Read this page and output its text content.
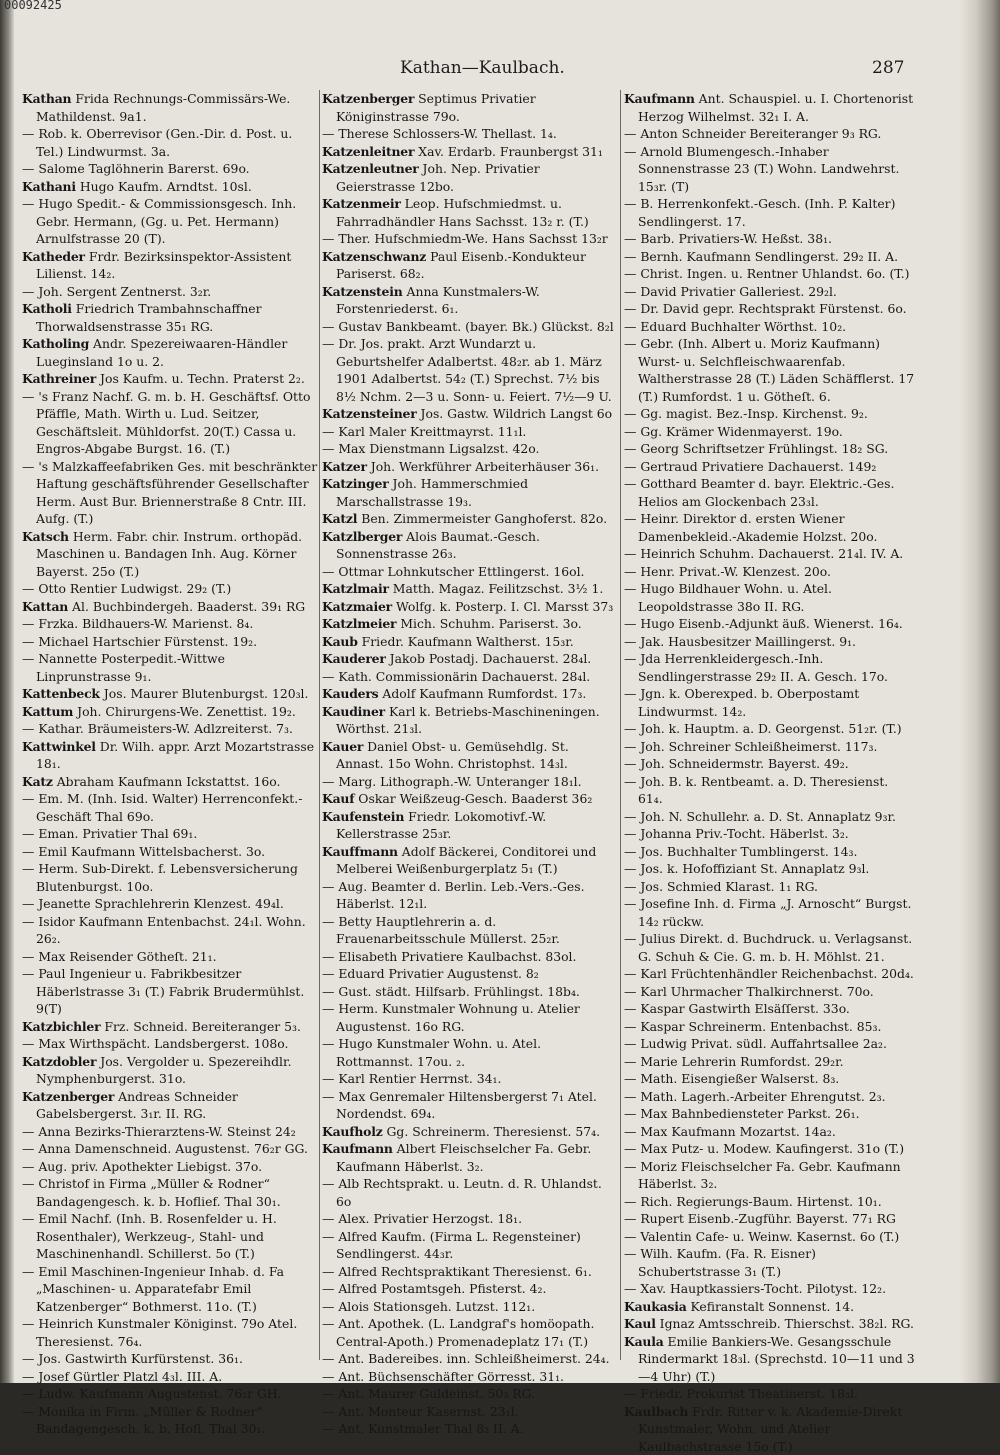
00092425
Kathan—Kaulbach.	287

Kathan Frida Rechnungs-Commissärs-We. Mathildenst. 9a1.

— Rob. k. Oberrevisor (Gen.-Dir. d. Post. u. Tel.) Lindwurmst. 3a.

— Salome Taglöhnerin Barerst. 69o.

Kathani Hugo Kaufm. Arndtst. 10sl.

— Hugo Spedit.- & Commissionsgesch. Inh. Gebr. Hermann, (Gg. u. Pet. Hermann) Arnulfstrasse 20 (T).

Katheder Frdr. Bezirksinspektor-Assistent Lilienst. 14₂.

— Joh. Sergent Zentnerst. 3₂r.

Katholi Friedrich Trambahnschaffner Thorwaldsenstrasse 35₁ RG.

Katholing Andr. Spezereiwaaren-Händler Lueginsland 1o u. 2.

Kathreiner Jos Kaufm. u. Techn. Praterst 2₂.

— 's Franz Nachf. G. m. b. H. Geschäftsf. Otto Pfäffle, Math. Wirth u. Lud. Seitzer, Geschäftsleit. Mühldorfst. 20(T.) Cassa u. Engros-Abgabe Burgst. 16. (T.)

— 's Malzkaffeefabriken Ges. mit beschränkter Haftung geschäftsführender Gesellschafter Herm. Aust Bur. Briennerstraße 8 Cntr. III. Aufg. (T.)

Katsch Herm. Fabr. chir. Instrum. orthopäd. Maschinen u. Bandagen Inh. Aug. Körner Bayerst. 25o (T.)

— Otto Rentier Ludwigst. 29₂ (T.)

Kattan Al. Buchbindergeh. Baaderst. 39₁ RG

— Frzka. Bildhauers-W. Marienst. 8₄.

— Michael Hartschier Fürstenst. 19₂.

— Nannette Posterpedit.-Wittwe Linprunstrasse 9₁.

Kattenbeck Jos. Maurer Blutenburgst. 120₃l.

Kattum Joh. Chirurgens-We. Zenettist. 19₂.

— Kathar. Bräumeisters-W. Adlzreiterst. 7₃.

Kattwinkel Dr. Wilh. appr. Arzt Mozartstrasse 18₁.

Katz Abraham Kaufmann Ickstattst. 16o.

— Em. M. (Inh. Isid. Walter) Herrenconfekt.-Geschäft Thal 69o.

— Eman. Privatier Thal 69₁.

— Emil Kaufmann Wittelsbacherst. 3o.

— Herm. Sub-Direkt. f. Lebensversicherung Blutenburgst. 10o.

— Jeanette Sprachlehrerin Klenzest. 49₄l.

— Isidor Kaufmann Entenbachst. 24₁l. Wohn. 26₂.

— Max Reisender Götheſt. 21₁.

— Paul Ingenieur u. Fabrikbesitzer Häberlstrasse 3₁ (T.) Fabrik Brudermühlst. 9(T)

Katzbichler Frz. Schneid. Bereiteranger 5₃.

— Max Wirthspächt. Landsbergerst. 108o.

Katzdobler Jos. Vergolder u. Spezereihdlr. Nymphenburgerst. 31o.

Katzenberger Andreas Schneider Gabelsbergerst. 3₁r. II. RG.

— Anna Bezirks-Thierarztens-W. Steinst 24₂

— Anna Damenschneid. Augustenst. 76₂r GG.

— Aug. priv. Apothekter Liebigst. 37o.

— Christof in Firma „Müller & Rodner“ Bandagengesch. k. b. Hoflief. Thal 30₁.

— Emil Nachf. (Inh. B. Rosenfelder u. H. Rosenthaler), Werkzeug-, Stahl- und Maschinenhandl. Schillerst. 5o (T.)

— Emil Maschinen-Ingenieur Inhab. d. Fa „Maschinen- u. Apparatefabr Emil Katzenberger“ Bothmerst. 11o. (T.)

— Heinrich Kunstmaler Königinst. 79o Atel. Theresienst. 76₄.

— Jos. Gastwirth Kurfürstenst. 36₁.

— Josef Gürtler Platzl 4₃l. III. A.

— Ludw. Kaufmann Augustenst. 76₂r GH.

— Monika in Firm. „Müller & Rodner“ Bandagengesch. k. b. Hofl. Thal 30₁.

Katzenberger Septimus Privatier Königinstrasse 79o.

— Therese Schlossers-W. Thellast. 1₄.

Katzenleitner Xav. Erdarb. Fraunbergst 31₁

Katzenleutner Joh. Nep. Privatier Geierstrasse 12bo.

Katzenmeir Leop. Hufschmiedmst. u. Fahrradhändler Hans Sachsst. 13₂ r. (T.)

— Ther. Hufschmiedm-We. Hans Sachsst 13₂r

Katzenschwanz Paul Eisenb.-Kondukteur Pariserst. 68₂.

Katzenstein Anna Kunstmalers-W. Forstenriederst. 6₁.

— Gustav Bankbeamt. (bayer. Bk.) Glückst. 8₂l

— Dr. Jos. prakt. Arzt Wundarzt u. Geburtshelfer Adalbertst. 48₂r. ab 1. März 1901 Adalbertst. 54₂ (T.) Sprechst. 7½ bis 8½ Nchm. 2—3 u. Sonn- u. Feiert. 7½—9 U.

Katzensteiner Jos. Gastw. Wildrich Langst 6o

— Karl Maler Kreittmayrst. 11₁l.

— Max Dienstmann Ligsalzst. 42o.

Katzer Joh. Werkführer Arbeiterhäuser 36₁.

Katzinger Joh. Hammerschmied Marschallstrasse 19₃.

Katzl Ben. Zimmermeister Ganghoferst. 82o.

Katzlberger Alois Baumat.-Gesch. Sonnenstrasse 26₃.

— Ottmar Lohnkutscher Ettlingerst. 16ol.

Katzlmair Matth. Magaz. Feilitzschst. 3½ 1.

Katzmaier Wolfg. k. Posterp. I. Cl. Marsst 37₃

Katzlmeier Mich. Schuhm. Pariserst. 3o.

Kaub Friedr. Kaufmann Waltherst. 15₃r.

Kauderer Jakob Postadj. Dachauerst. 28₄l.

— Kath. Commissionärin Dachauerst. 28₄l.

Kauders Adolf Kaufmann Rumfordst. 17₃.

Kaudiner Karl k. Betriebs-Maschineningen. Wörthst. 21₃l.

Kauer Daniel Obst- u. Gemüsehdlg. St. Annast. 15o Wohn. Christophst. 14₃l.

— Marg. Lithograph.-W. Unteranger 18₁l.

Kauf Oskar Weißzeug-Gesch. Baaderst 36₂

Kaufenstein Friedr. Lokomotivf.-W. Kellerstrasse 25₃r.

Kauffmann Adolf Bäckerei, Conditorei und Melberei Weißenburgerplatz 5₁ (T.)

— Aug. Beamter d. Berlin. Leb.-Vers.-Ges. Häberlst. 12₁l.

— Betty Hauptlehrerin a. d. Frauenarbeitsschule Müllerst. 25₂r.

— Elisabeth Privatiere Kaulbachst. 83ol.

— Eduard Privatier Augustenst. 8₂

— Gust. städt. Hilfsarb. Frühlingst. 18b₄.

— Herm. Kunstmaler Wohnung u. Atelier Augustenst. 16o RG.

— Hugo Kunstmaler Wohn. u. Atel. Rottmannst. 17ou. ₂.

— Karl Rentier Herrnst. 34₁.

— Max Genremaler Hiltensbergerst 7₁ Atel. Nordendst. 69₄.

Kaufholz Gg. Schreinerm. Theresienst. 57₄.

Kaufmann Albert Fleischselcher Fa. Gebr. Kaufmann Häberlst. 3₂.

— Alb Rechtsprakt. u. Leutn. d. R. Uhlandst. 6o

— Alex. Privatier Herzogst. 18₁.

— Alfred Kaufm. (Firma L. Regensteiner) Sendlingerst. 44₃r.

— Alfred Rechtspraktikant Theresienst. 6₁.

— Alfred Postamtsgeh. Pfisterst. 4₂.

— Alois Stationsgeh. Lutzst. 112₁.

— Ant. Apothek. (L. Landgraf's homöopath. Central-Apoth.) Promenadeplatz 17₁ (T.)

— Ant. Badereibes. inn. Schleißheimerst. 24₄.

— Ant. Büchsenschäfter Görresst. 31₁.

— Ant. Maurer Guldeinst. 50₃ RG.

— Ant. Monteur Kasernst. 23₁l.

— Ant. Kunstmaler Thal 8₂ II. A.

Kaufmann Ant. Schauspiel. u. I. Chortenorist Herzog Wilhelmst. 32₁ I. A.

— Anton Schneider Bereiteranger 9₃ RG.

— Arnold Blumengesch.-Inhaber Sonnenstrasse 23 (T.) Wohn. Landwehrst. 15₃r. (T)

— B. Herrenkonfekt.-Gesch. (Inh. P. Kalter) Sendlingerst. 17.

— Barb. Privatiers-W. Heßst. 38₁.

— Bernh. Kaufmann Sendlingerst. 29₂ II. A.

— Christ. Ingen. u. Rentner Uhlandst. 6o. (T.)

— David Privatier Galleriest. 29₂l.

— Dr. David gepr. Rechtsprakt Fürstenst. 6o.

— Eduard Buchhalter Wörthst. 10₂.

— Gebr. (Inh. Albert u. Moriz Kaufmann) Wurst- u. Selchfleischwaarenfab. Waltherstrasse 28 (T.) Läden Schäfflerst. 17 (T.) Rumfordst. 1 u. Götheſt. 6.

— Gg. magist. Bez.-Insp. Kirchenst. 9₂.

— Gg. Krämer Widenmayerst. 19o.

— Georg Schriftsetzer Frühlingst. 18₂ SG.

— Gertraud Privatiere Dachauerst. 149₂

— Gotthard Beamter d. bayr. Elektric.-Ges. Helios am Glockenbach 23₃l.

— Heinr. Direktor d. ersten Wiener Damenbekleid.-Akademie Holzst. 20o.

— Heinrich Schuhm. Dachauerst. 21₄l. IV. A.

— Henr. Privat.-W. Klenzest. 20o.

— Hugo Bildhauer Wohn. u. Atel. Leopoldstrasse 38o II. RG.

— Hugo Eisenb.-Adjunkt äuß. Wienerst. 16₄.

— Jak. Hausbesitzer Maillingerst. 9₁.

— Jda Herrenkleidergesch.-Inh. Sendlingerstrasse 29₂ II. A. Gesch. 17o.

— Jgn. k. Oberexped. b. Oberpostamt Lindwurmst. 14₂.

— Joh. k. Hauptm. a. D. Georgenst. 51₂r. (T.)

— Joh. Schreiner Schleißheimerst. 117₃.

— Joh. Schneidermstr. Bayerst. 49₂.

— Joh. B. k. Rentbeamt. a. D. Theresienst. 61₄.

— Joh. N. Schullehr. a. D. St. Annaplatz 9₃r.

— Johanna Priv.-Tocht. Häberlst. 3₂.

— Jos. Buchhalter Tumblingerst. 14₃.

— Jos. k. Hofoffiziant St. Annaplatz 9₃l.

— Jos. Schmied Klarast. 1₁ RG.

— Josefine Inh. d. Firma „J. Arnoscht“ Burgst. 14₂ rückw.

— Julius Direkt. d. Buchdruck. u. Verlagsanst. G. Schuh & Cie. G. m. b. H. Möhlst. 21.

— Karl Früchtenhändler Reichenbachst. 20d₄.

— Karl Uhrmacher Thalkirchnerst. 70o.

— Kaspar Gastwirth Elsäſſerst. 33o.

— Kaspar Schreinerm. Entenbachst. 85₃.

— Ludwig Privat. südl. Auffahrtsallee 2a₂.

— Marie Lehrerin Rumfordst. 29₂r.

— Math. Eisengießer Walserst. 8₃.

— Math. Lagerh.-Arbeiter Ehrengutst. 2₃.

— Max Bahnbediensteter Parkst. 26₁.

— Max Kaufmann Mozartst. 14a₂.

— Max Putz- u. Modew. Kaufingerst. 31o (T.)

— Moriz Fleischselcher Fa. Gebr. Kaufmann Häberlst. 3₂.

— Rich. Regierungs-Baum. Hirtenst. 10₁.

— Rupert Eisenb.-Zugführ. Bayerst. 77₁ RG

— Valentin Cafe- u. Weinw. Kasernst. 6o (T.)

— Wilh. Kaufm. (Fa. R. Eisner) Schubertstrasse 3₁ (T.)

— Xav. Hauptkassiers-Tocht. Pilotyst. 12₂.

Kaukasia Kefiranstalt Sonnenst. 14.

Kaul Ignaz Amtsschreib. Thierschst. 38₂l. RG.

Kaula Emilie Bankiers-We. Gesangsschule Rindermarkt 18₃l. (Sprechstd. 10—11 und 3—4 Uhr) (T.)

— Friedr. Prokurist Theatinerst. 18₃l.

Kaulbach Frdr. Ritter v. k. Akademie-Direkt Kunstmaler, Wohn. und Atelier Kaulbachstrasse 15o (T.)
